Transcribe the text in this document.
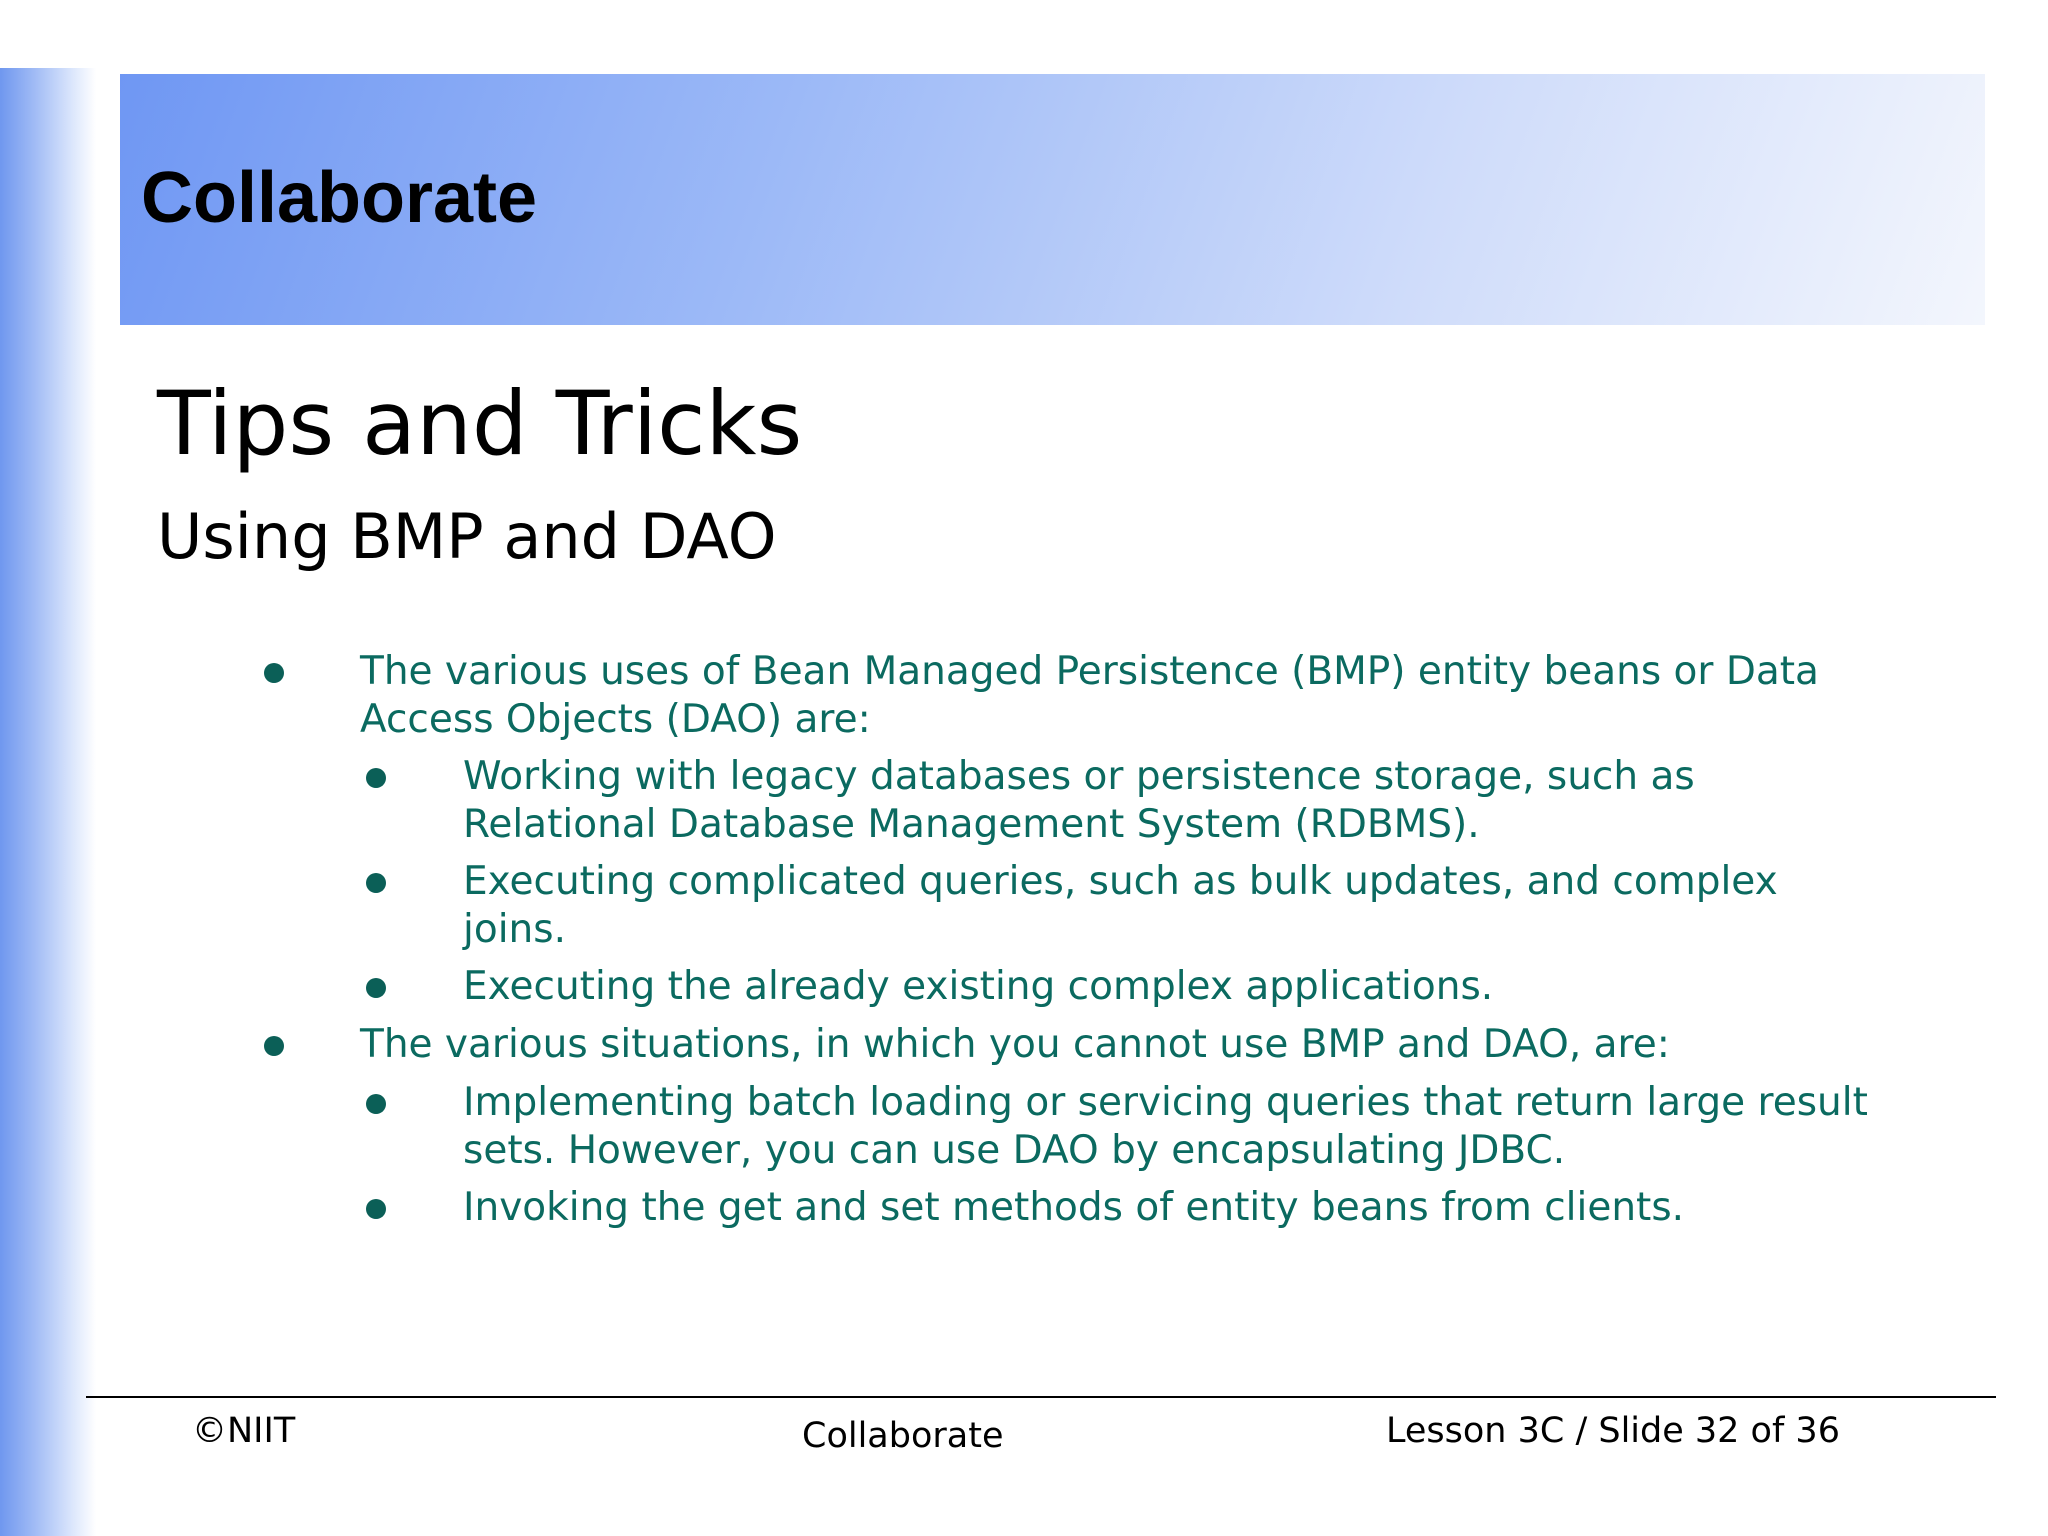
Collaborate
Tips and Tricks
Using BMP and DAO
The various uses of Bean Managed Persistence (BMP) entity beans or Data
Access Objects (DAO) are:
Working with legacy databases or persistence storage, such as
Relational Database Management System (RDBMS).
Executing complicated queries, such as bulk updates, and complex
joins.
Executing the already existing complex applications.
The various situations, in which you cannot use BMP and DAO, are:
Implementing batch loading or servicing queries that return large result
sets. However, you can use DAO by encapsulating JDBC.
Invoking the get and set methods of entity beans from clients.
©NIIT	Collaborate	Lesson 3C / Slide 32 of 36
